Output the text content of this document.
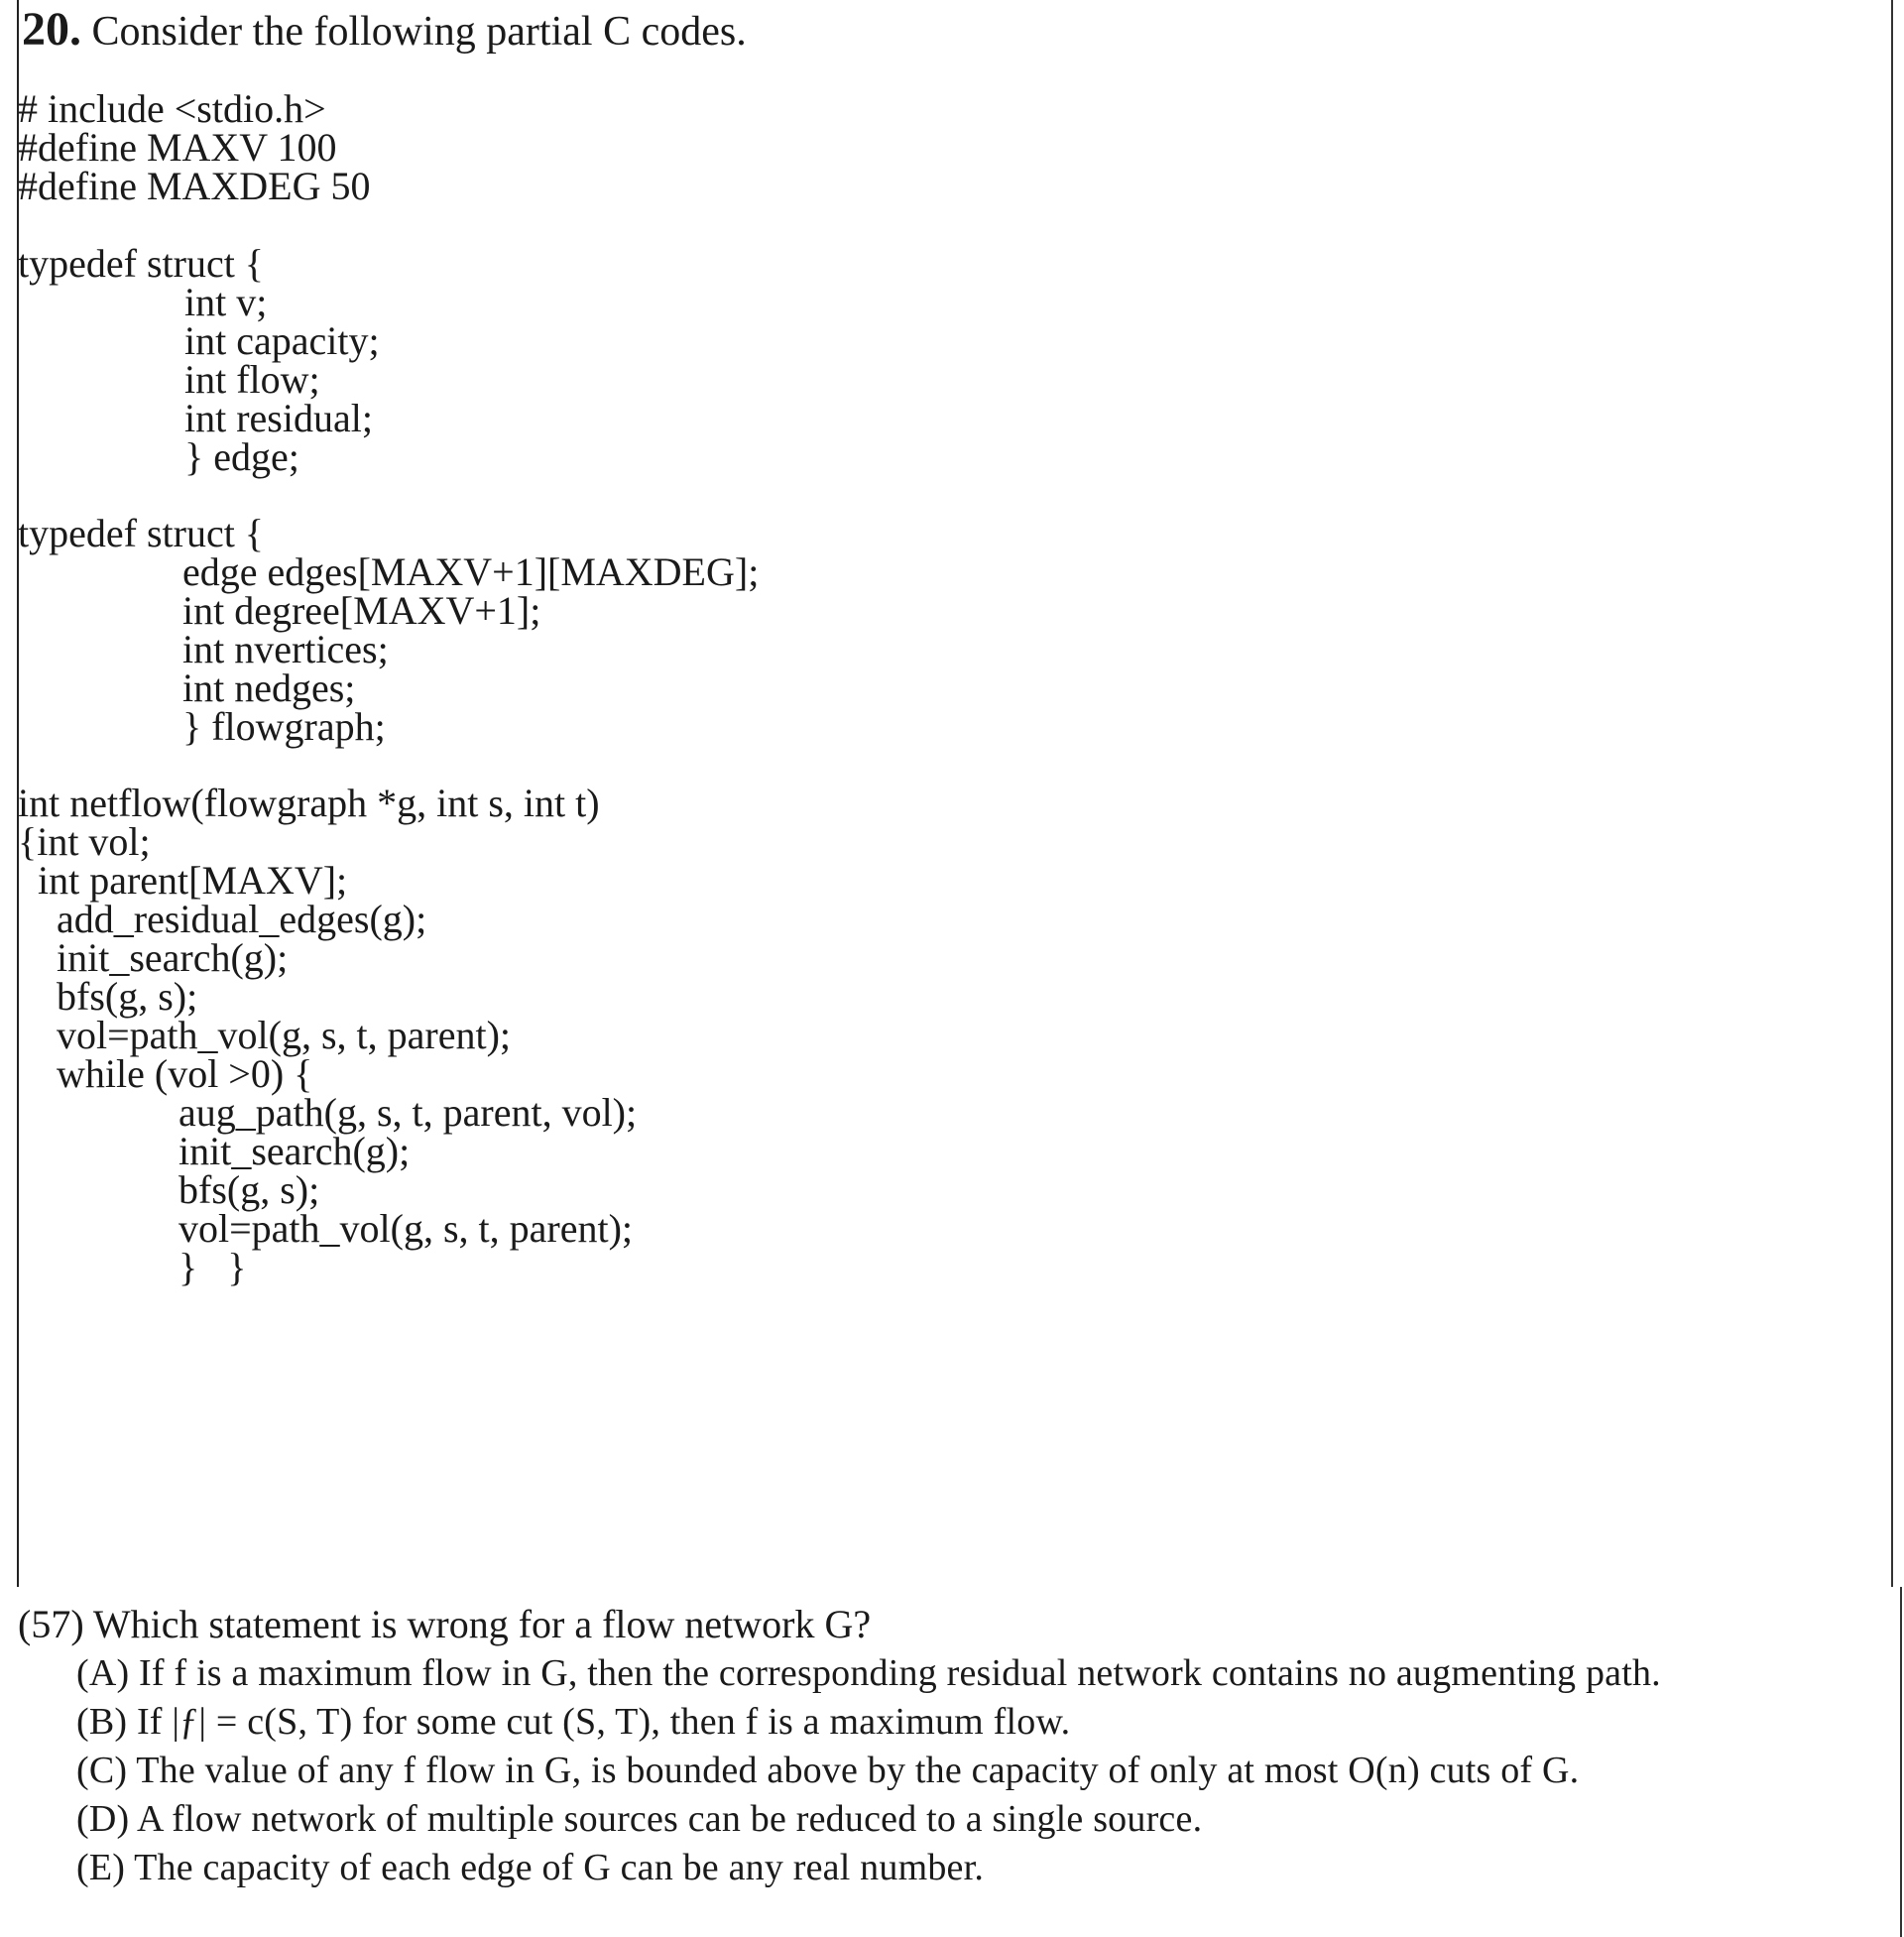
20. Consider the following partial C codes.
# include <stdio.h>
#define MAXV 100
#define MAXDEG 50
typedef struct {
int v;
int capacity;
int flow;
int residual;
} edge;
typedef struct {
edge edges[MAXV+1][MAXDEG];
int degree[MAXV+1];
int nvertices;
int nedges;
} flowgraph;
int netflow(flowgraph *g, int s, int t)
{int vol;
int parent[MAXV];
add_residual_edges(g);
init_search(g);
bfs(g, s);
vol=path_vol(g, s, t, parent);
while (vol >0) {
aug_path(g, s, t, parent, vol);
init_search(g);
bfs(g, s);
vol=path_vol(g, s, t, parent);
}   }
(57) Which statement is wrong for a flow network G?
(A) If f is a maximum flow in G, then the corresponding residual network contains no augmenting path.
(B) If |ƒ| = c(S, T) for some cut (S, T), then f is a maximum flow.
(C) The value of any f flow in G, is bounded above by the capacity of only at most O(n) cuts of G.
(D) A flow network of multiple sources can be reduced to a single source.
(E) The capacity of each edge of G can be any real number.
